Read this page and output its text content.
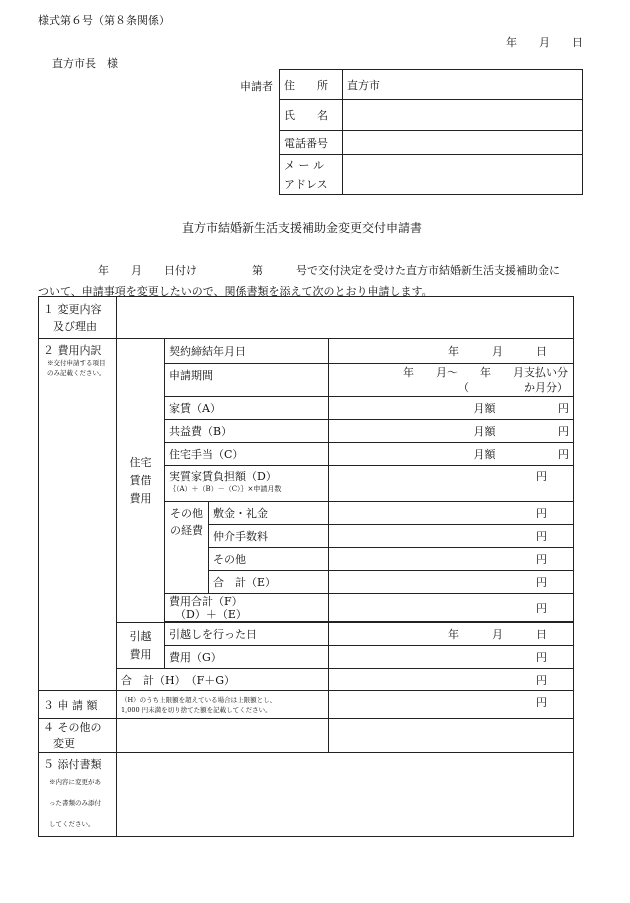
様式第６号（第８条関係）
年　　月　　日
直方市長　様
申請者 住　　所	直方市
氏　　名	
電話番号	

メ ー ル
アドレス	

直方市結婚新生活支援補助金変更交付申請書
年　　月　　日付け　　　　　第　　　号で交付決定を受けた直方市結婚新生活支援補助金に
ついて、申請事項を変更したいので、関係書類を添えて次のとおり申請します。
１ 変更内容
及び理由				

２ 費用内訳
※交付申請する項目のみ記載ください。	住宅賃借費用	契約締結年月日		年　　　月　　　日
		申請期間		年　　月～　　年　　月支払い分
（　　　　　か月分）

		家賃（A）		月額 円
		共益費（B）		月額 円
		住宅手当（C）		月額 円

		実質家賃負担額（D）
｛（A）＋（B）－（C）｝×申請月数		円
		その他の経費	敷金・礼金	円
			仲介手数料	円
			その他	円
			合　計（E）	円

		費用合計（F）
（D）＋（E）		円

	引越費用	引越しを行った日		年　　　月　　　日
		費用（G）		円
	合　計（H）　（F＋G）			円
３ 申 請 額	（H）のうち上限額を超えている場合は上限額とし、
1,000 円未満を切り捨てた額を記載してください。			円

４ その他の
変更				

５ 添付書類
※内容に変更があ
った書類のみ添付
してください。				
